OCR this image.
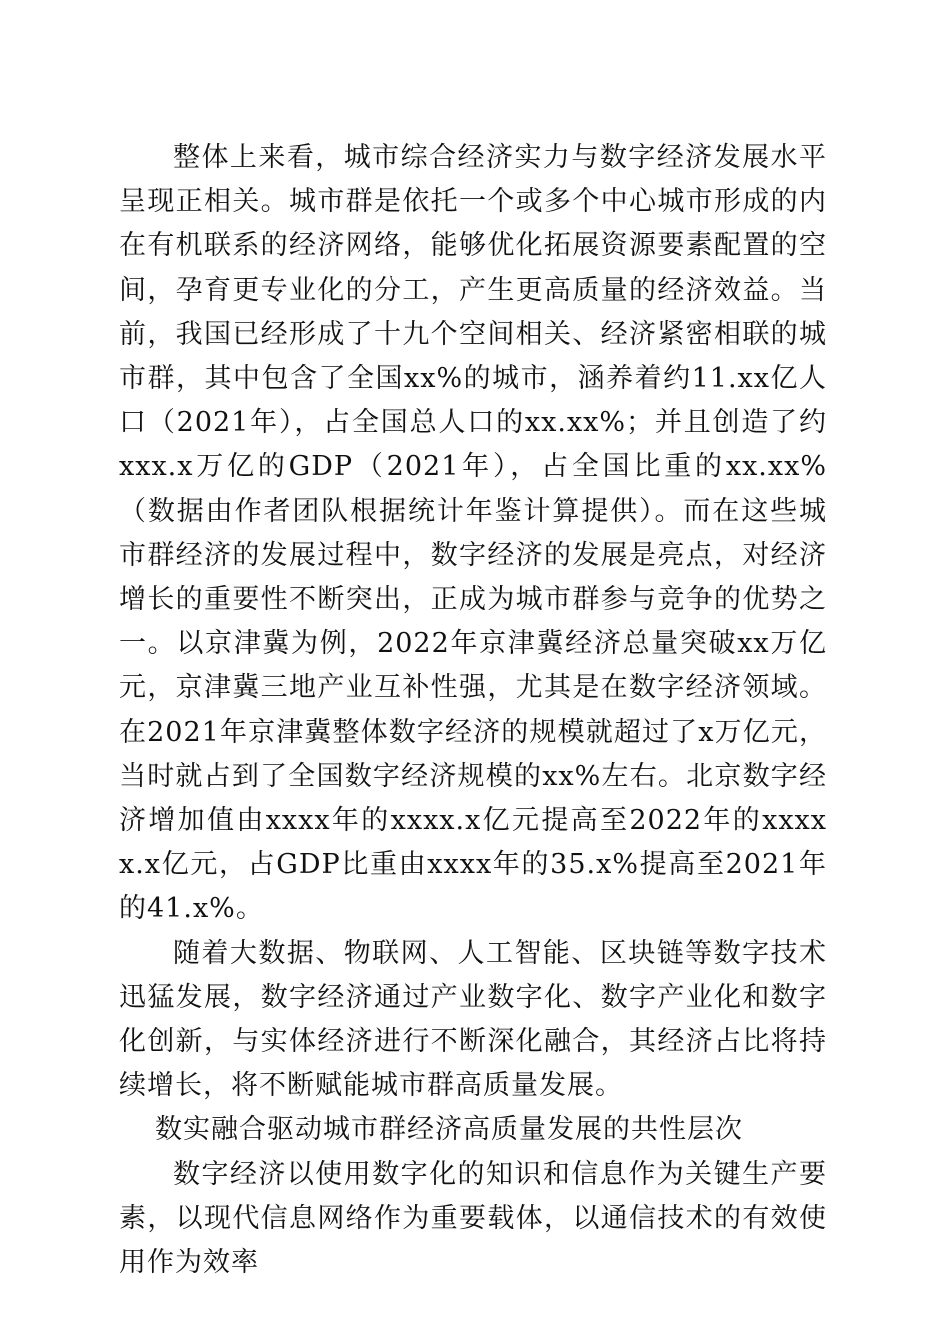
整体上来看，城市综合经济实力与数字经济发展水平呈现正相关。城市群是依托一个或多个中心城市形成的内在有机联系的经济网络，能够优化拓展资源要素配置的空间，孕育更专业化的分工，产生更高质量的经济效益。当前，我国已经形成了十九个空间相关、经济紧密相联的城市群，其中包含了全国xx%的城市，涵养着约11.xx亿人口（2021年），占全国总人口的xx.xx%；并且创造了约xxx.x万亿的GDP（2021年），占全国比重的xx.xx%（数据由作者团队根据统计年鉴计算提供）。而在这些城市群经济的发展过程中，数字经济的发展是亮点，对经济增长的重要性不断突出，正成为城市群参与竞争的优势之一。以京津冀为例，2022年京津冀经济总量突破xx万亿元，京津冀三地产业互补性强，尤其是在数字经济领域。在2021年京津冀整体数字经济的规模就超过了x万亿元，当时就占到了全国数字经济规模的xx%左右。北京数字经济增加值由xxxx年的xxxx.x亿元提高至2022年的xxxxx.x亿元，占GDP比重由xxxx年的35.x%提高至2021年的41.x%。

随着大数据、物联网、人工智能、区块链等数字技术迅猛发展，数字经济通过产业数字化、数字产业化和数字化创新，与实体经济进行不断深化融合，其经济占比将持续增长，将不断赋能城市群高质量发展。

数实融合驱动城市群经济高质量发展的共性层次

数字经济以使用数字化的知识和信息作为关键生产要素，以现代信息网络作为重要载体，以通信技术的有效使用作为效率
